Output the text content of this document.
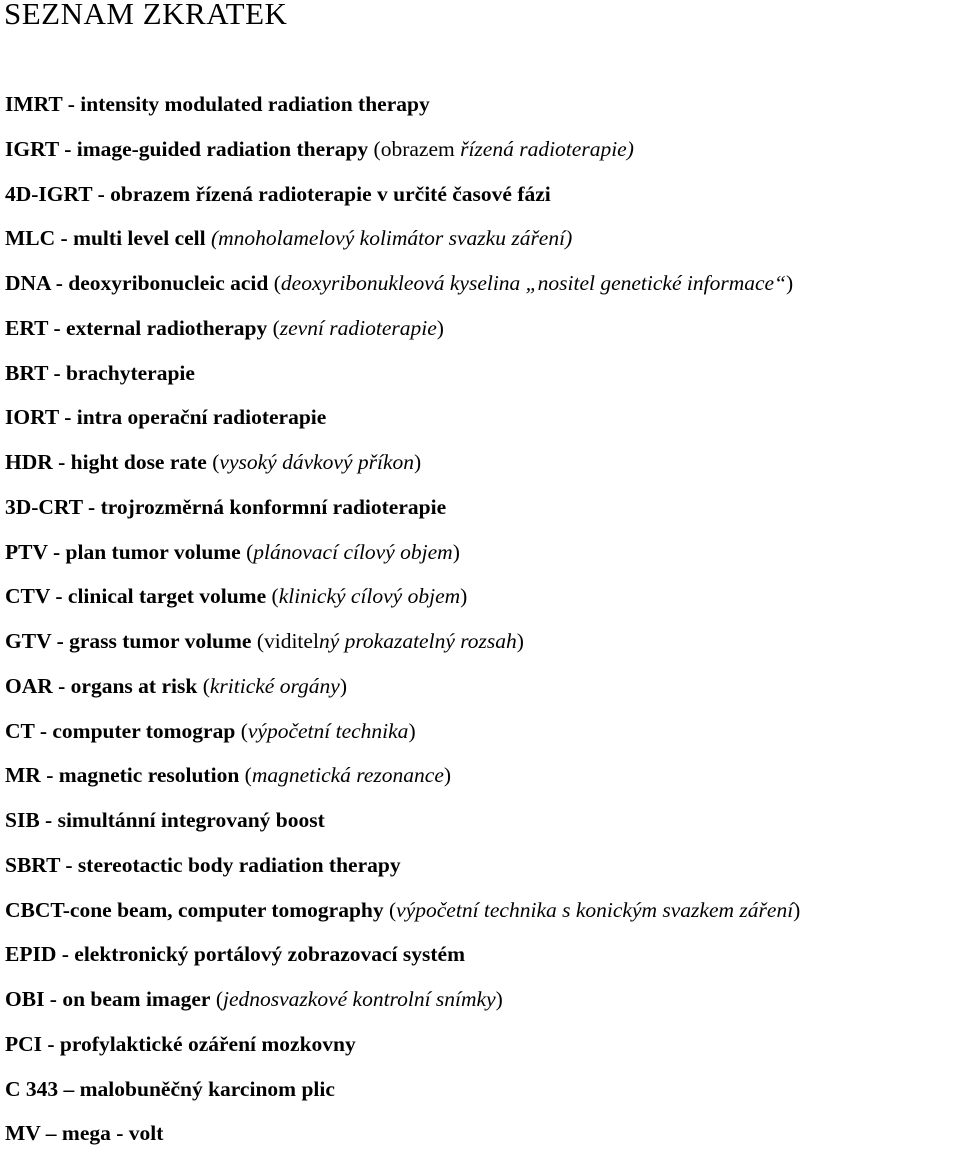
SEZNAM ZKRATEK
IMRT - intensity modulated radiation therapy
IGRT - image-guided radiation therapy (obrazem řízená radioterapie)
4D-IGRT - obrazem řízená radioterapie v určité časové fázi
MLC - multi level cell (mnoholamelový kolimátor svazku záření)
DNA - deoxyribonucleic acid (deoxyribonukleová kyselina „nositel genetické informace“)
ERT - external radiotherapy (zevní radioterapie)
BRT - brachyterapie
IORT - intra operační radioterapie
HDR - hight dose rate (vysoký dávkový příkon)
3D-CRT - trojrozměrná konformní radioterapie
PTV - plan tumor volume (plánovací cílový objem)
CTV - clinical target volume (klinický cílový objem)
GTV - grass tumor volume (viditelný prokazatelný rozsah)
OAR - organs at risk (kritické orgány)
CT - computer tomograp (výpočetní technika)
MR - magnetic resolution (magnetická rezonance)
SIB - simultánní integrovaný boost
SBRT - stereotactic body radiation therapy
CBCT-cone beam, computer tomography (výpočetní technika s konickým svazkem záření)
EPID - elektronický portálový zobrazovací systém
OBI - on beam imager (jednosvazkové kontrolní snímky)
PCI - profylaktické ozáření mozkovny
C 343 – malobuněčný karcinom plic
MV – mega - volt
